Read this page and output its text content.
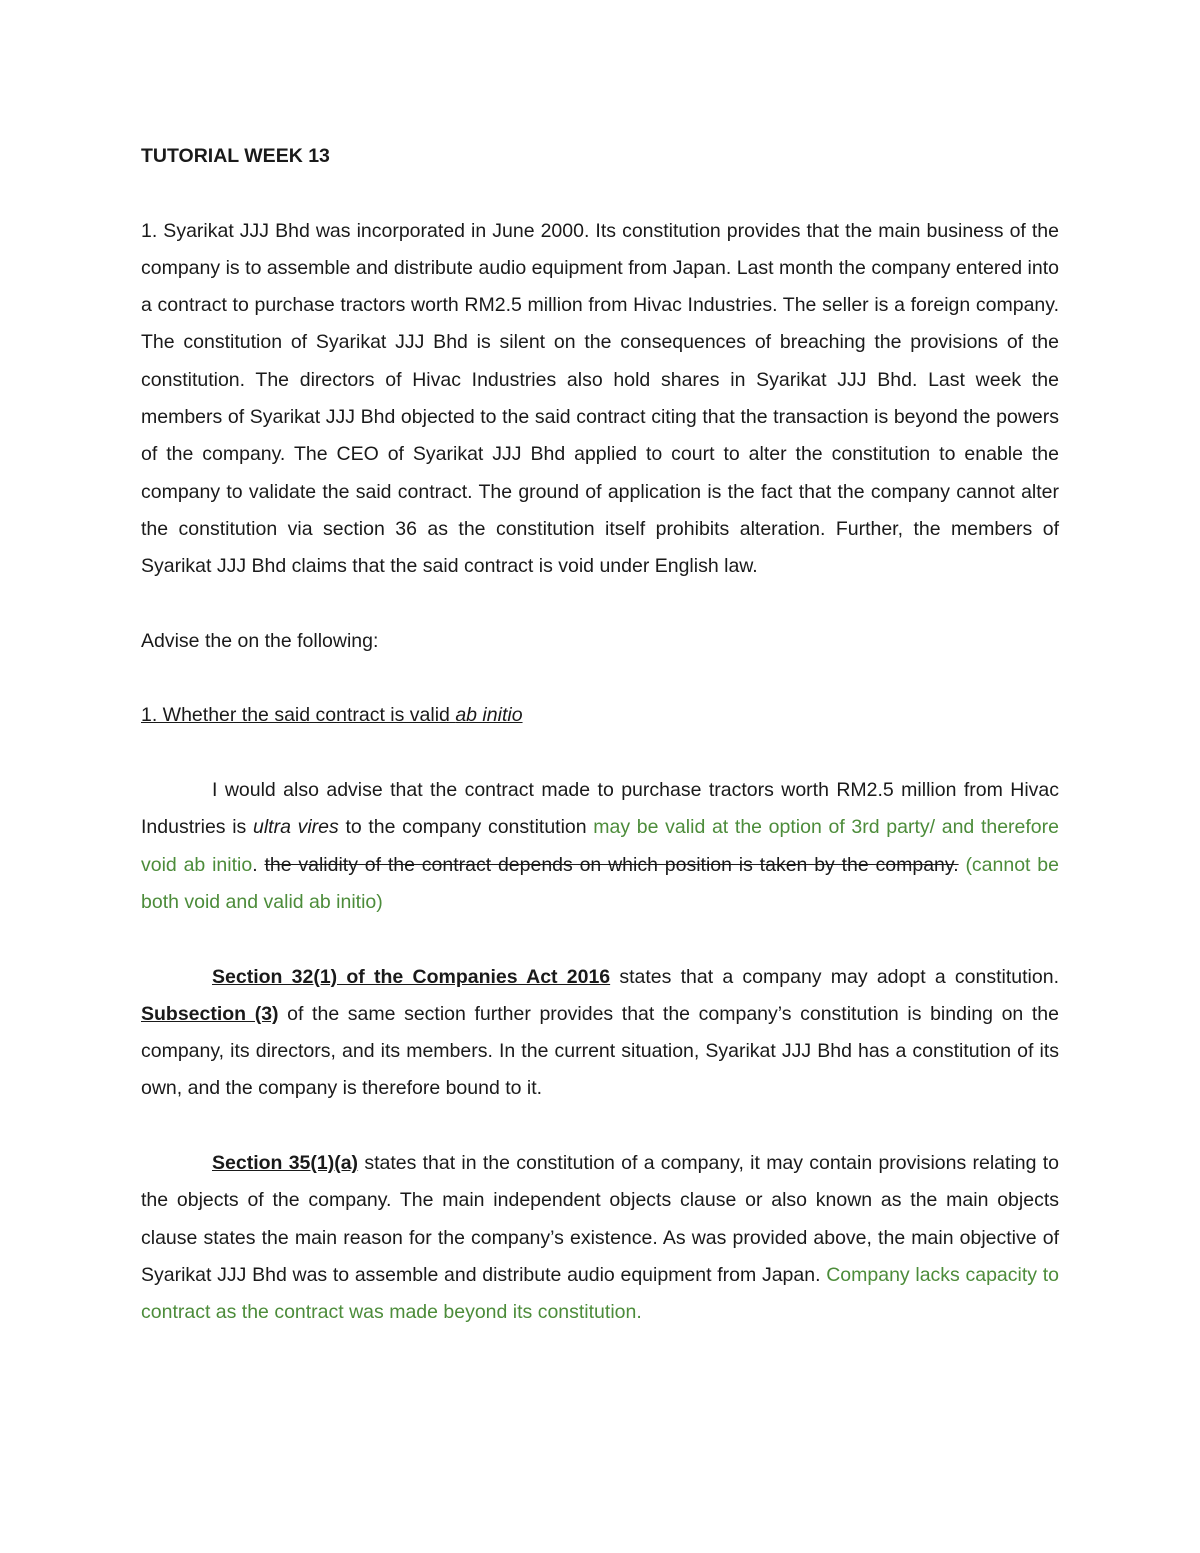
TUTORIAL WEEK 13

1. Syarikat JJJ Bhd was incorporated in June 2000. Its constitution provides that the main business of the company is to assemble and distribute audio equipment from Japan. Last month the company entered into a contract to purchase tractors worth RM2.5 million from Hivac Industries. The seller is a foreign company. The constitution of Syarikat JJJ Bhd is silent on the consequences of breaching the provisions of the constitution. The directors of Hivac Industries also hold shares in Syarikat JJJ Bhd. Last week the members of Syarikat JJJ Bhd objected to the said contract citing that the transaction is beyond the powers of the company. The CEO of Syarikat JJJ Bhd applied to court to alter the constitution to enable the company to validate the said contract. The ground of application is the fact that the company cannot alter the constitution via section 36 as the constitution itself prohibits alteration. Further, the members of Syarikat JJJ Bhd claims that the said contract is void under English law.

Advise the on the following:

1. Whether the said contract is valid ab initio

I would also advise that the contract made to purchase tractors worth RM2.5 million from Hivac Industries is ultra vires to the company constitution may be valid at the option of 3rd party/ and therefore void ab initio. the validity of the contract depends on which position is taken by the company. (cannot be both void and valid ab initio)

Section 32(1) of the Companies Act 2016 states that a company may adopt a constitution. Subsection (3) of the same section further provides that the company’s constitution is binding on the company, its directors, and its members. In the current situation, Syarikat JJJ Bhd has a constitution of its own, and the company is therefore bound to it.

Section 35(1)(a) states that in the constitution of a company, it may contain provisions relating to the objects of the company. The main independent objects clause or also known as the main objects clause states the main reason for the company’s existence. As was provided above, the main objective of Syarikat JJJ Bhd was to assemble and distribute audio equipment from Japan. Company lacks capacity to contract as the contract was made beyond its constitution.
